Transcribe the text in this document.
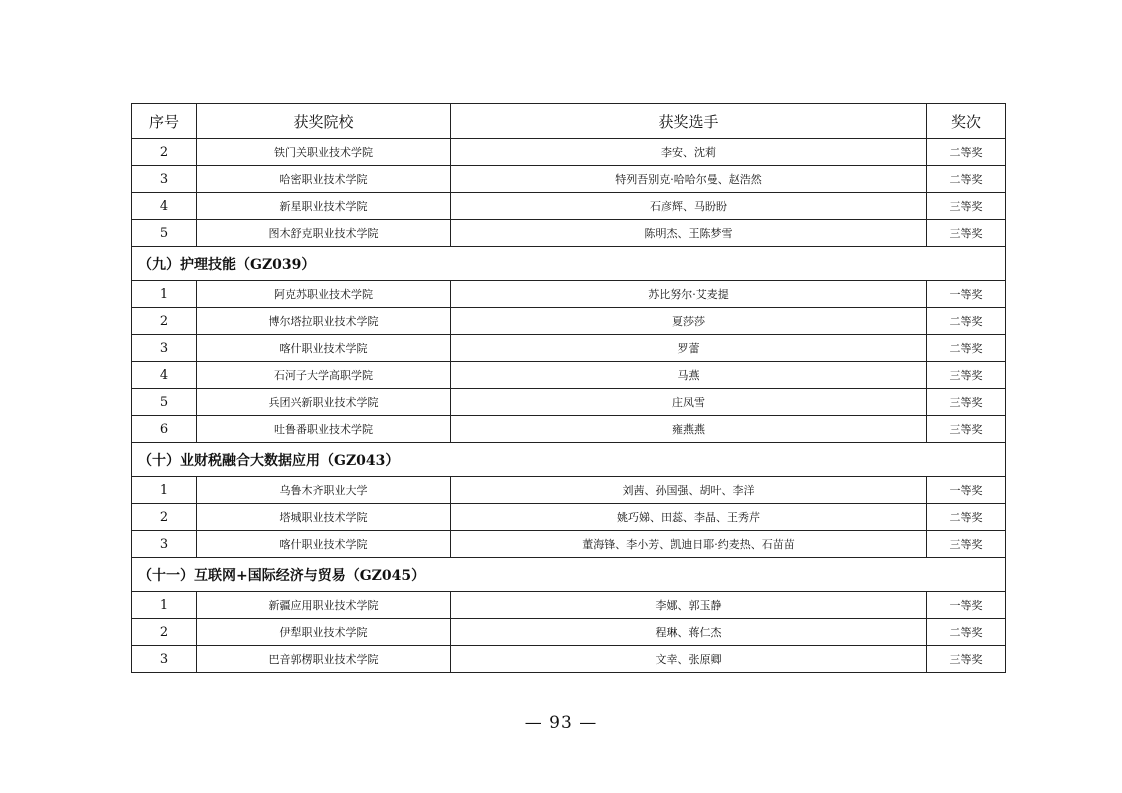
序号	获奖院校	获奖选手	奖次
2	铁门关职业技术学院	李安、沈莉	二等奖
3	哈密职业技术学院	特列吾别克·哈哈尔曼、赵浩然	二等奖
4	新星职业技术学院	石彦辉、马盼盼	三等奖
5	图木舒克职业技术学院	陈明杰、王陈梦雪	三等奖
（九）护理技能（GZ039）			
1	阿克苏职业技术学院	苏比努尔·艾麦提	一等奖
2	博尔塔拉职业技术学院	夏莎莎	二等奖
3	喀什职业技术学院	罗蕾	二等奖
4	石河子大学高职学院	马燕	三等奖
5	兵团兴新职业技术学院	庄凤雪	三等奖
6	吐鲁番职业技术学院	雍燕燕	三等奖
（十）业财税融合大数据应用（GZ043）			
1	乌鲁木齐职业大学	刘茜、孙国强、胡叶、李洋	一等奖
2	塔城职业技术学院	姚巧娣、田蕊、李晶、王秀芹	二等奖
3	喀什职业技术学院	董海锋、李小芳、凯迪日耶·约麦热、石苗苗	三等奖
（十一）互联网+国际经济与贸易（GZ045）			
1	新疆应用职业技术学院	李娜、郭玉静	一等奖
2	伊犁职业技术学院	程琳、蒋仁杰	二等奖
3	巴音郭楞职业技术学院	文幸、张原卿	三等奖
— 93 —
